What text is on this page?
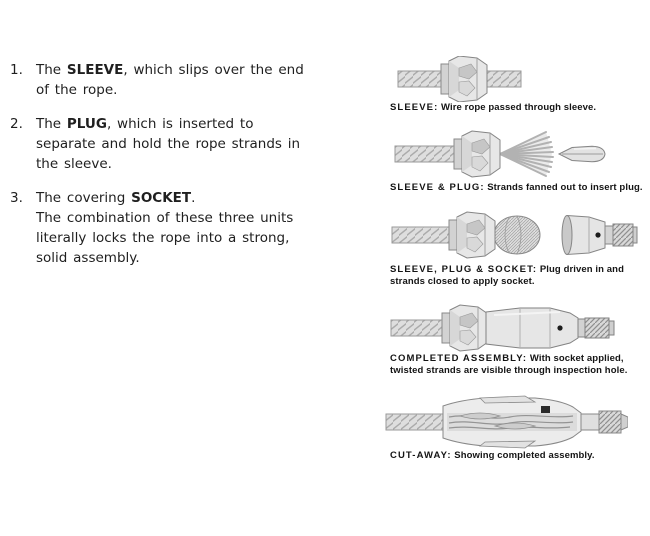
1. The SLEEVE, which slips over the end
of the rope.
2. The PLUG, which is inserted to
separate and hold the rope strands in
the sleeve.
3. The covering SOCKET.
The combination of these three units
literally locks the rope into a strong,
solid assembly.

SLEEVE: Wire rope passed through sleeve.

SLEEVE & PLUG: Strands fanned out to insert plug.

SLEEVE, PLUG & SOCKET: Plug driven in and strands closed to apply socket.

COMPLETED ASSEMBLY: With socket applied, twisted strands are visible through inspection hole.

CUT-AWAY: Showing completed assembly.
